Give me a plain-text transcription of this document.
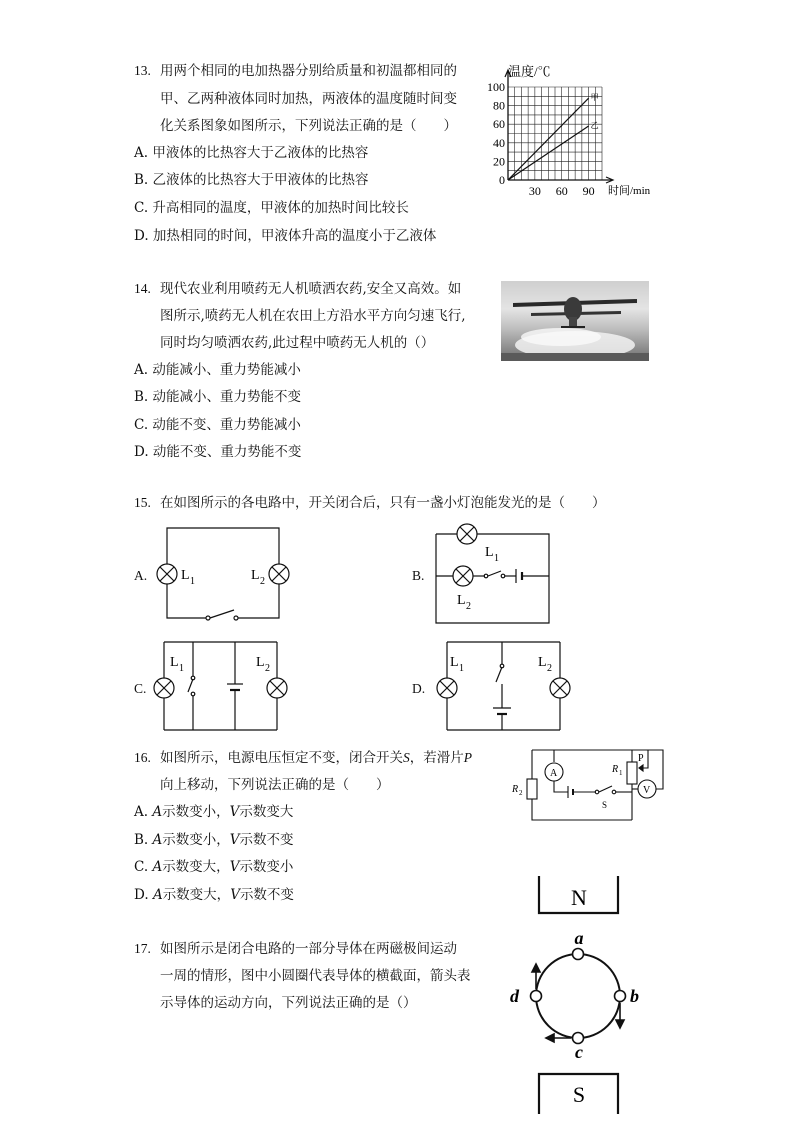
13. 用两个相同的电加热器分别给质量和初温都相同的
甲、乙两种液体同时加热，两液体的温度随时间变
化关系图象如图所示，下列说法正确的是（　　）
A. 甲液体的比热容大于乙液体的比热容
B. 乙液体的比热容大于甲液体的比热容
C. 升高相同的温度，甲液体的加热时间比较长
D. 加热相同的时间，甲液体升高的温度小于乙液体
甲
乙
20
40
60
80
100
0
30 60 90
温度/℃
时间/min
14. 现代农业利用喷药无人机喷洒农药,安全又高效。如
图所示,喷药无人机在农田上方沿水平方向匀速飞行,
同时均匀喷洒农药,此过程中喷药无人机的（）
A. 动能减小、重力势能减小
B. 动能减小、重力势能不变
C. 动能不变、重力势能减小
D. 动能不变、重力势能不变
15. 在如图所示的各电路中，开关闭合后，只有一盏小灯泡能发光的是（　　）
A. L 1	L 2	B.
L 1
L 2
C.
L 1	L 2
D.
L 1	L 2
16. 如图所示，电源电压恒定不变，闭合开关S，若滑片P
向上移动，下列说法正确的是（　　）
A. A示数变小，V示数变大
B. A示数变小，V示数不变
C. A示数变大，V示数变小
D. A示数变大，V示数不变
R 2
A	R 1
P
V
S
N
17. 如图所示是闭合电路的一部分导体在两磁极间运动
一周的情形，图中小圆圈代表导体的横截面，箭头表
示导体的运动方向，下列说法正确的是（）
a
b
c
d
S
